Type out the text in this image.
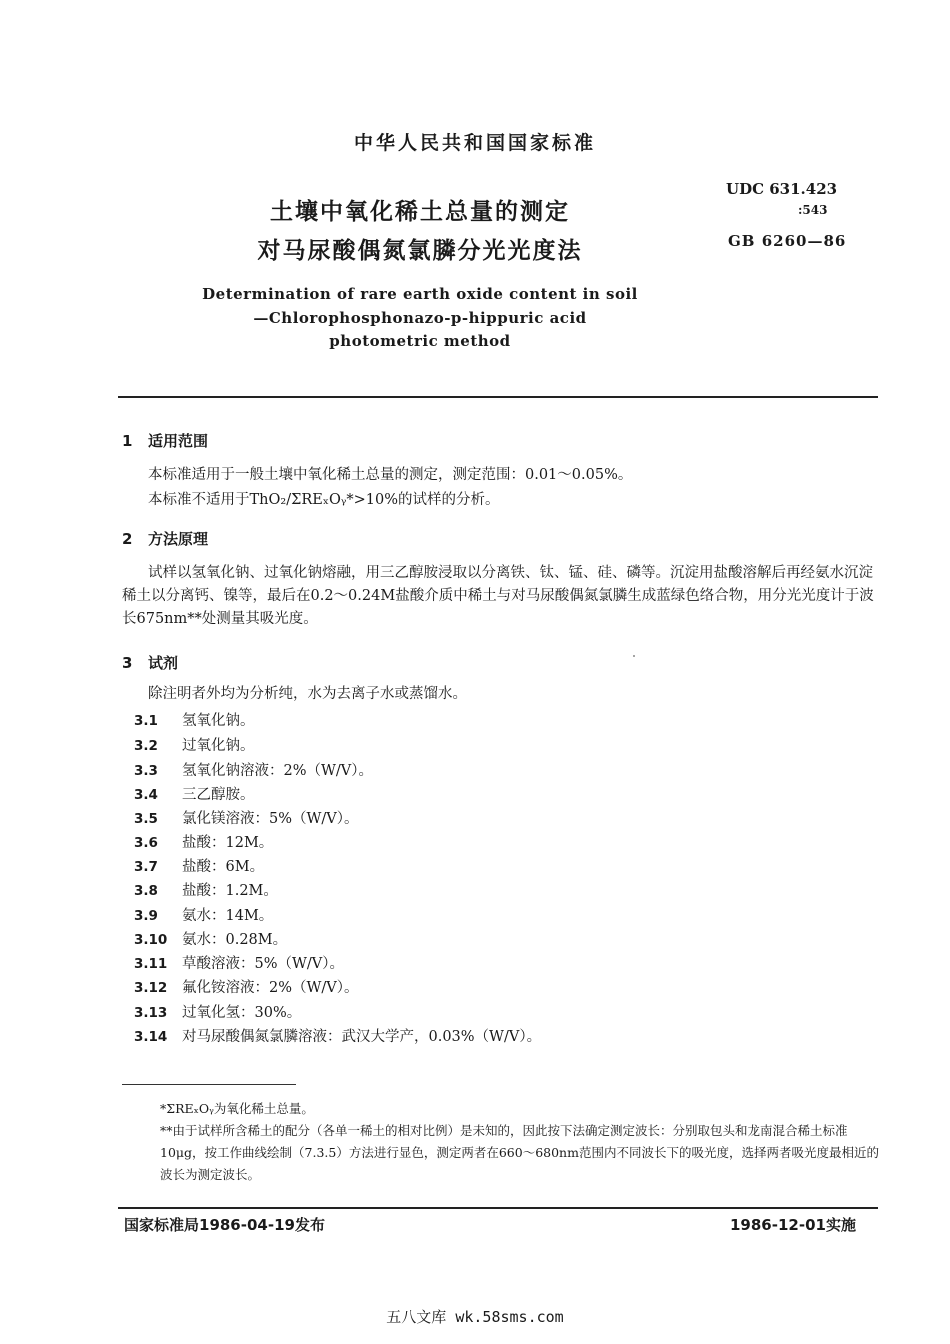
中华人民共和国国家标准
土壤中氧化稀土总量的测定
对马尿酸偶氮氯膦分光光度法
UDC 631.423
:543
GB 6260—86
Determination of rare earth oxide content in soil
—Chlorophosphonazo-p-hippuric acid
photometric method
1 适用范围
本标准适用于一般土壤中氧化稀土总量的测定，测定范围：0.01～0.05%。
本标准不适用于ThO₂/ΣREₓOᵧ*>10%的试样的分析。
2 方法原理
试样以氢氧化钠、过氧化钠熔融，用三乙醇胺浸取以分离铁、钛、锰、硅、磷等。沉淀用盐酸溶解后再经氨水沉淀稀土以分离钙、镍等，最后在0.2～0.24M盐酸介质中稀土与对马尿酸偶氮氯膦生成蓝绿色络合物，用分光光度计于波长675nm**处测量其吸光度。
3 试剂
除注明者外均为分析纯，水为去离子水或蒸馏水。
3.1 氢氧化钠。
3.2 过氧化钠。
3.3 氢氧化钠溶液：2%（W/V）。
3.4 三乙醇胺。
3.5 氯化镁溶液：5%（W/V）。
3.6 盐酸：12M。
3.7 盐酸：6M。
3.8 盐酸：1.2M。
3.9 氨水：14M。
3.10 氨水：0.28M。
3.11 草酸溶液：5%（W/V）。
3.12 氟化铵溶液：2%（W/V）。
3.13 过氧化氢：30%。
3.14 对马尿酸偶氮氯膦溶液：武汉大学产，0.03%（W/V）。
*ΣREₓOᵧ为氧化稀土总量。
**由于试样所含稀土的配分（各单一稀土的相对比例）是未知的，因此按下法确定测定波长：分别取包头和龙南混合稀土标准10μg，按工作曲线绘制（7.3.5）方法进行显色，测定两者在660～680nm范围内不同波长下的吸光度，选择两者吸光度最相近的波长为测定波长。
国家标准局1986-04-19发布	1986-12-01实施
五八文库 wk.58sms.com
